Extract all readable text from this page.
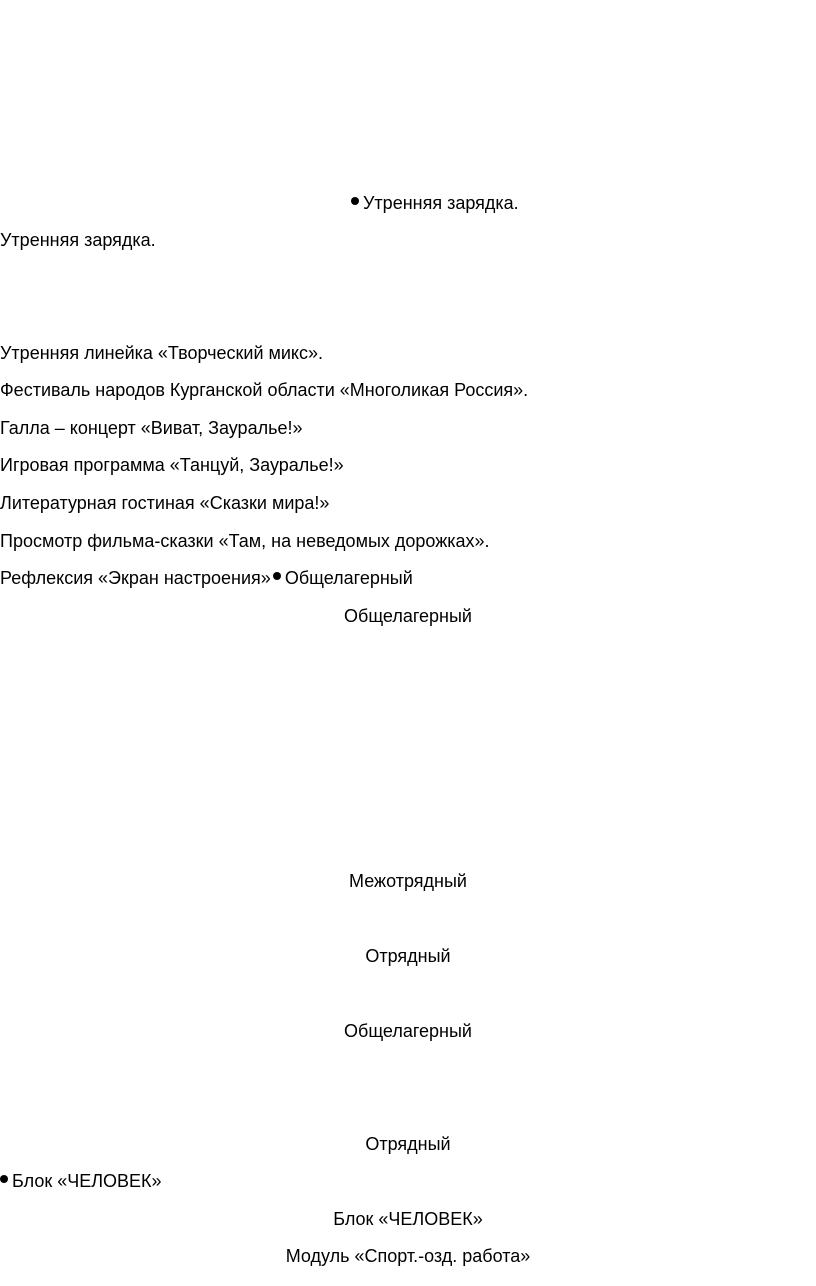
Утренняя зарядка.
Утренняя зарядка.
Утренняя линейка «Творческий микс».
Фестиваль народов Курганской области «Многоликая Россия».
Галла – концерт «Виват, Зауралье!»
Игровая программа «Танцуй, Зауралье!»
Литературная гостиная «Сказки мира!»
Просмотр фильма-сказки «Там, на неведомых дорожках».
Рефлексия «Экран настроения» Общелагерный
Общелагерный
Межотрядный
Отрядный
Общелагерный
Отрядный
Блок «ЧЕЛОВЕК»
Блок «ЧЕЛОВЕК»
Модуль «Спорт.-озд. работа»
